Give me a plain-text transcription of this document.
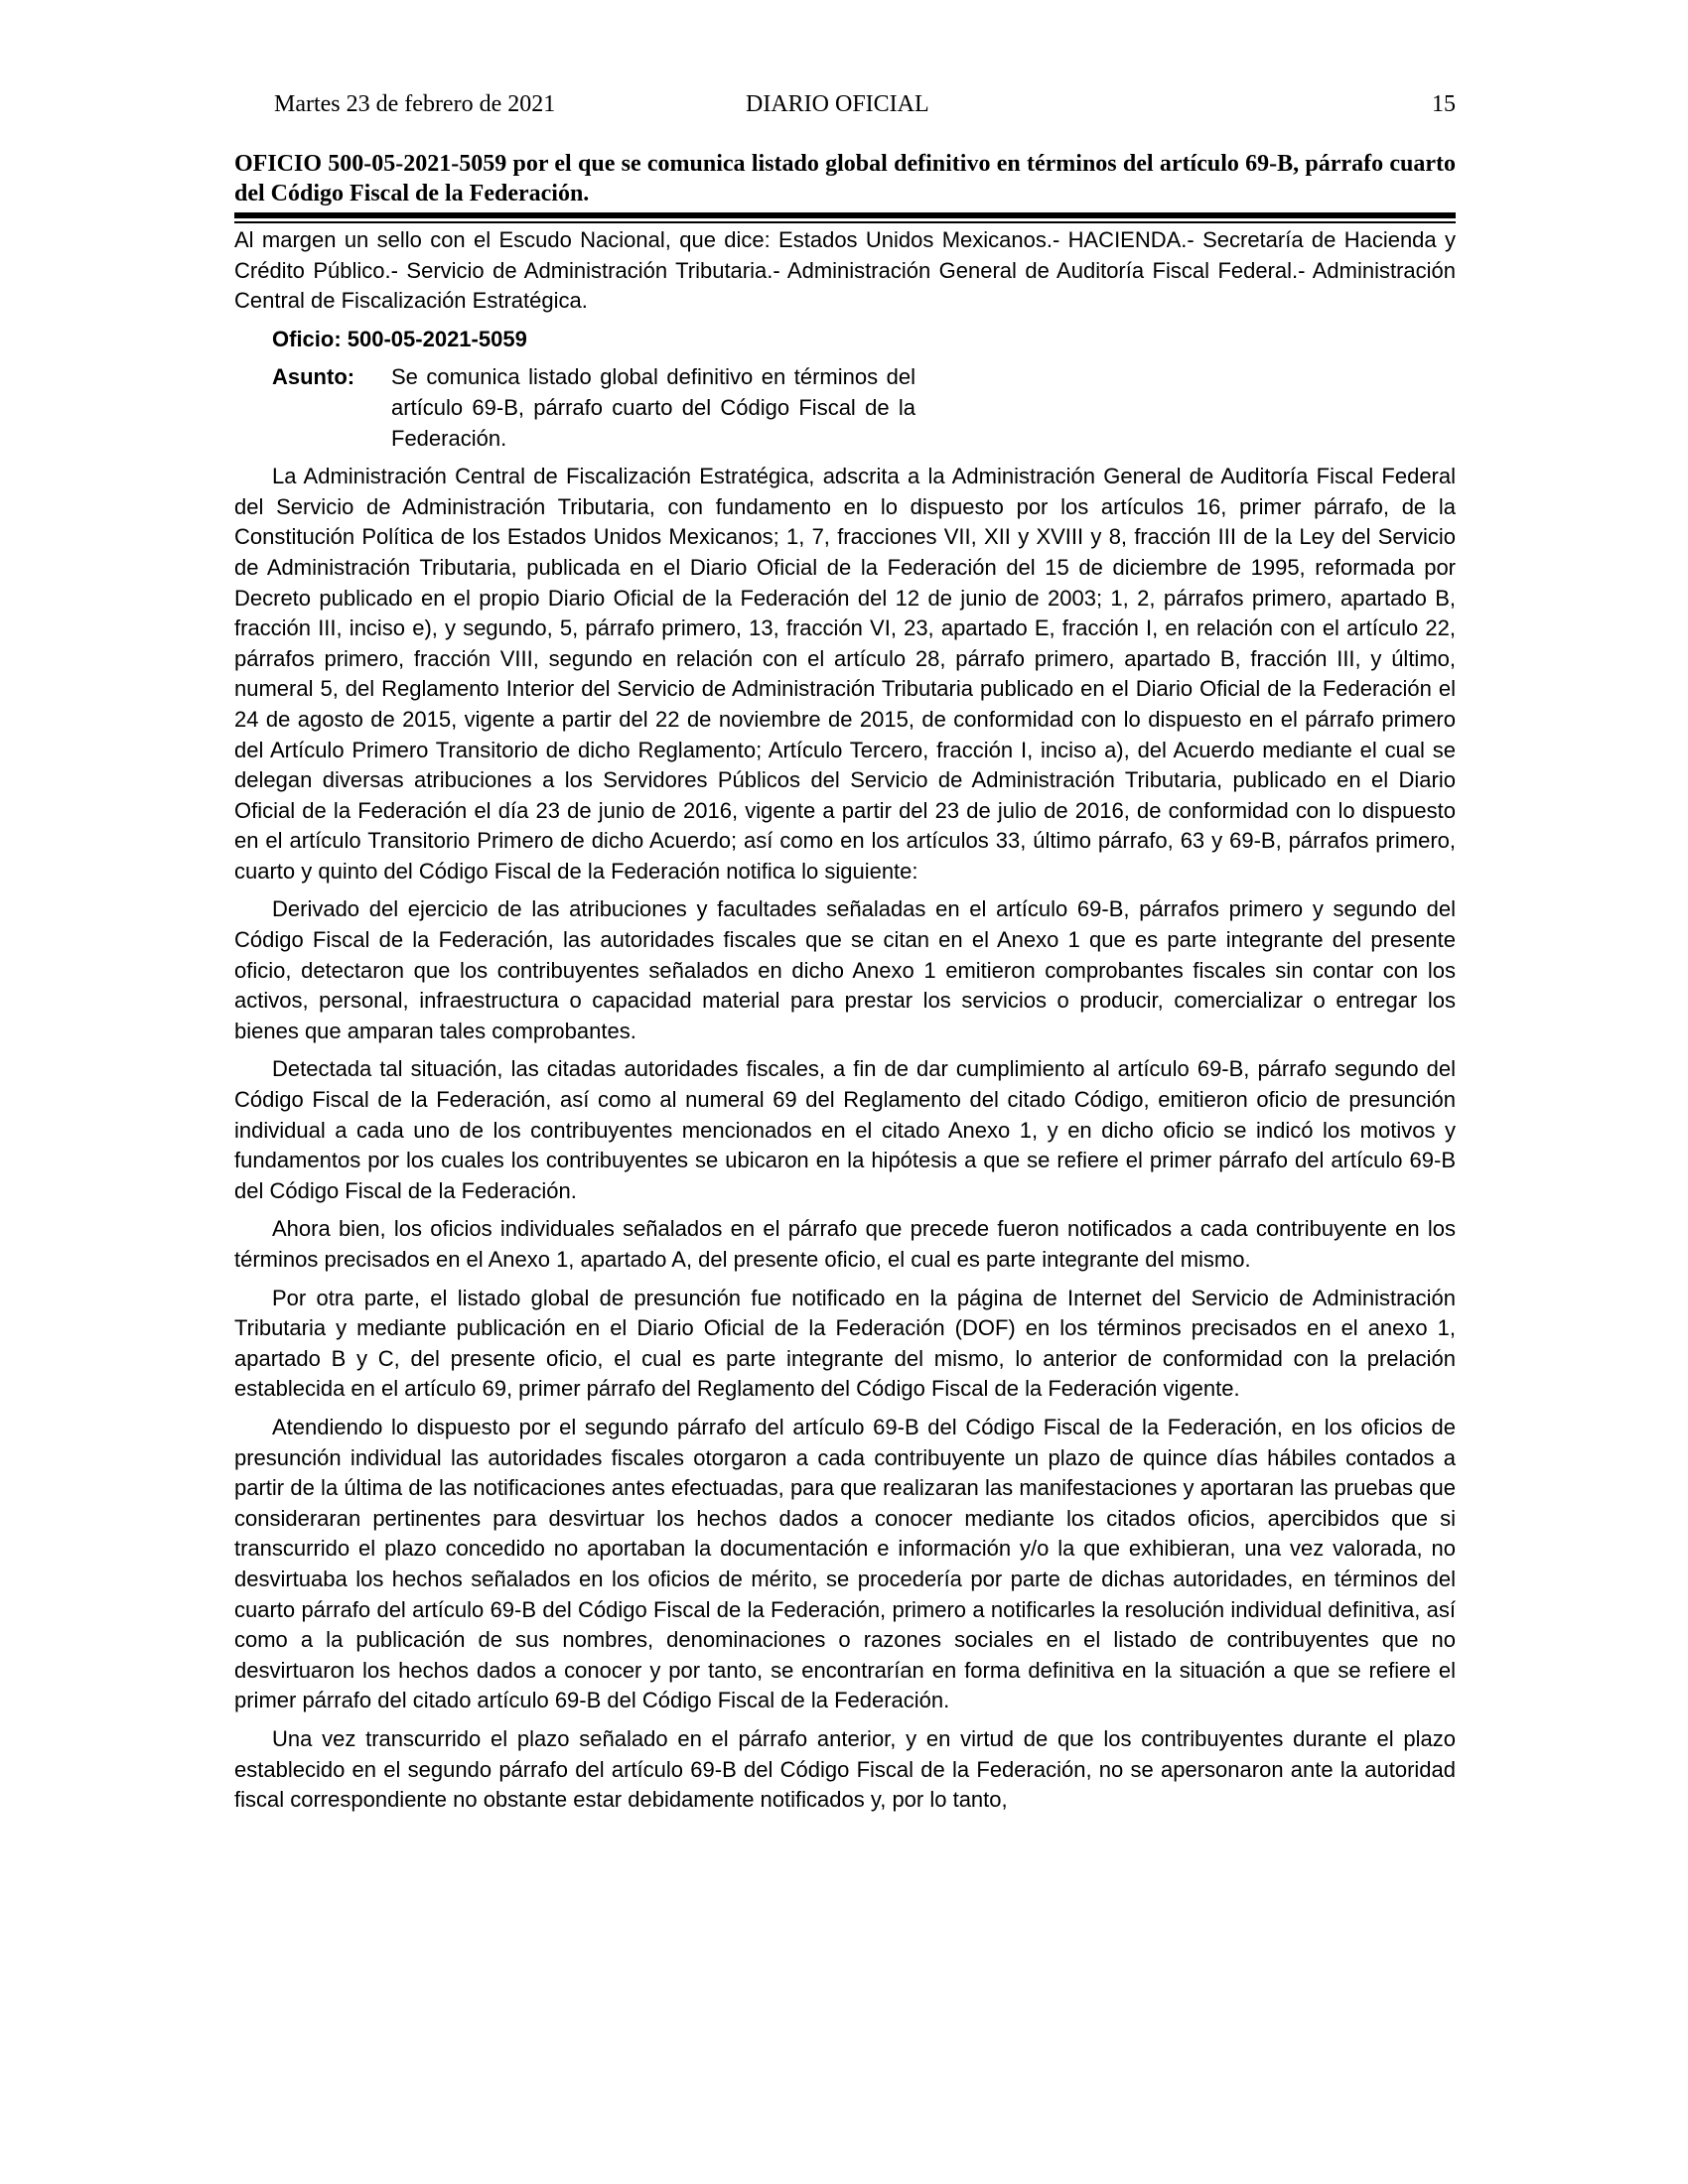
Martes 23 de febrero de 2021	DIARIO OFICIAL	15
OFICIO 500-05-2021-5059 por el que se comunica listado global definitivo en términos del artículo 69-B, párrafo cuarto del Código Fiscal de la Federación.

Al margen un sello con el Escudo Nacional, que dice: Estados Unidos Mexicanos.- HACIENDA.- Secretaría de Hacienda y Crédito Público.- Servicio de Administración Tributaria.- Administración General de Auditoría Fiscal Federal.- Administración Central de Fiscalización Estratégica.

Oficio: 500-05-2021-5059
Asunto:	Se comunica listado global definitivo en términos del artículo 69-B, párrafo cuarto del Código Fiscal de la Federación.

La Administración Central de Fiscalización Estratégica, adscrita a la Administración General de Auditoría Fiscal Federal del Servicio de Administración Tributaria, con fundamento en lo dispuesto por los artículos 16, primer párrafo, de la Constitución Política de los Estados Unidos Mexicanos; 1, 7, fracciones VII, XII y XVIII y 8, fracción III de la Ley del Servicio de Administración Tributaria, publicada en el Diario Oficial de la Federación del 15 de diciembre de 1995, reformada por Decreto publicado en el propio Diario Oficial de la Federación del 12 de junio de 2003; 1, 2, párrafos primero, apartado B, fracción III, inciso e), y segundo, 5, párrafo primero, 13, fracción VI, 23, apartado E, fracción I, en relación con el artículo 22, párrafos primero, fracción VIII, segundo en relación con el artículo 28, párrafo primero, apartado B, fracción III, y último, numeral 5, del Reglamento Interior del Servicio de Administración Tributaria publicado en el Diario Oficial de la Federación el 24 de agosto de 2015, vigente a partir del 22 de noviembre de 2015, de conformidad con lo dispuesto en el párrafo primero del Artículo Primero Transitorio de dicho Reglamento; Artículo Tercero, fracción I, inciso a), del Acuerdo mediante el cual se delegan diversas atribuciones a los Servidores Públicos del Servicio de Administración Tributaria, publicado en el Diario Oficial de la Federación el día 23 de junio de 2016, vigente a partir del 23 de julio de 2016, de conformidad con lo dispuesto en el artículo Transitorio Primero de dicho Acuerdo; así como en los artículos 33, último párrafo, 63 y 69-B, párrafos primero, cuarto y quinto del Código Fiscal de la Federación notifica lo siguiente:

Derivado del ejercicio de las atribuciones y facultades señaladas en el artículo 69-B, párrafos primero y segundo del Código Fiscal de la Federación, las autoridades fiscales que se citan en el Anexo 1 que es parte integrante del presente oficio, detectaron que los contribuyentes señalados en dicho Anexo 1 emitieron comprobantes fiscales sin contar con los activos, personal, infraestructura o capacidad material para prestar los servicios o producir, comercializar o entregar los bienes que amparan tales comprobantes.

Detectada tal situación, las citadas autoridades fiscales, a fin de dar cumplimiento al artículo 69-B, párrafo segundo del Código Fiscal de la Federación, así como al numeral 69 del Reglamento del citado Código, emitieron oficio de presunción individual a cada uno de los contribuyentes mencionados en el citado Anexo 1, y en dicho oficio se indicó los motivos y fundamentos por los cuales los contribuyentes se ubicaron en la hipótesis a que se refiere el primer párrafo del artículo 69-B del Código Fiscal de la Federación.

Ahora bien, los oficios individuales señalados en el párrafo que precede fueron notificados a cada contribuyente en los términos precisados en el Anexo 1, apartado A, del presente oficio, el cual es parte integrante del mismo.

Por otra parte, el listado global de presunción fue notificado en la página de Internet del Servicio de Administración Tributaria y mediante publicación en el Diario Oficial de la Federación (DOF) en los términos precisados en el anexo 1, apartado B y C, del presente oficio, el cual es parte integrante del mismo, lo anterior de conformidad con la prelación establecida en el artículo 69, primer párrafo del Reglamento del Código Fiscal de la Federación vigente.

Atendiendo lo dispuesto por el segundo párrafo del artículo 69-B del Código Fiscal de la Federación, en los oficios de presunción individual las autoridades fiscales otorgaron a cada contribuyente un plazo de quince días hábiles contados a partir de la última de las notificaciones antes efectuadas, para que realizaran las manifestaciones y aportaran las pruebas que consideraran pertinentes para desvirtuar los hechos dados a conocer mediante los citados oficios, apercibidos que si transcurrido el plazo concedido no aportaban la documentación e información y/o la que exhibieran, una vez valorada, no desvirtuaba los hechos señalados en los oficios de mérito, se procedería por parte de dichas autoridades, en términos del cuarto párrafo del artículo 69-B del Código Fiscal de la Federación, primero a notificarles la resolución individual definitiva, así como a la publicación de sus nombres, denominaciones o razones sociales en el listado de contribuyentes que no desvirtuaron los hechos dados a conocer y por tanto, se encontrarían en forma definitiva en la situación a que se refiere el primer párrafo del citado artículo 69-B del Código Fiscal de la Federación.

Una vez transcurrido el plazo señalado en el párrafo anterior, y en virtud de que los contribuyentes durante el plazo establecido en el segundo párrafo del artículo 69-B del Código Fiscal de la Federación, no se apersonaron ante la autoridad fiscal correspondiente no obstante estar debidamente notificados y, por lo tanto,
